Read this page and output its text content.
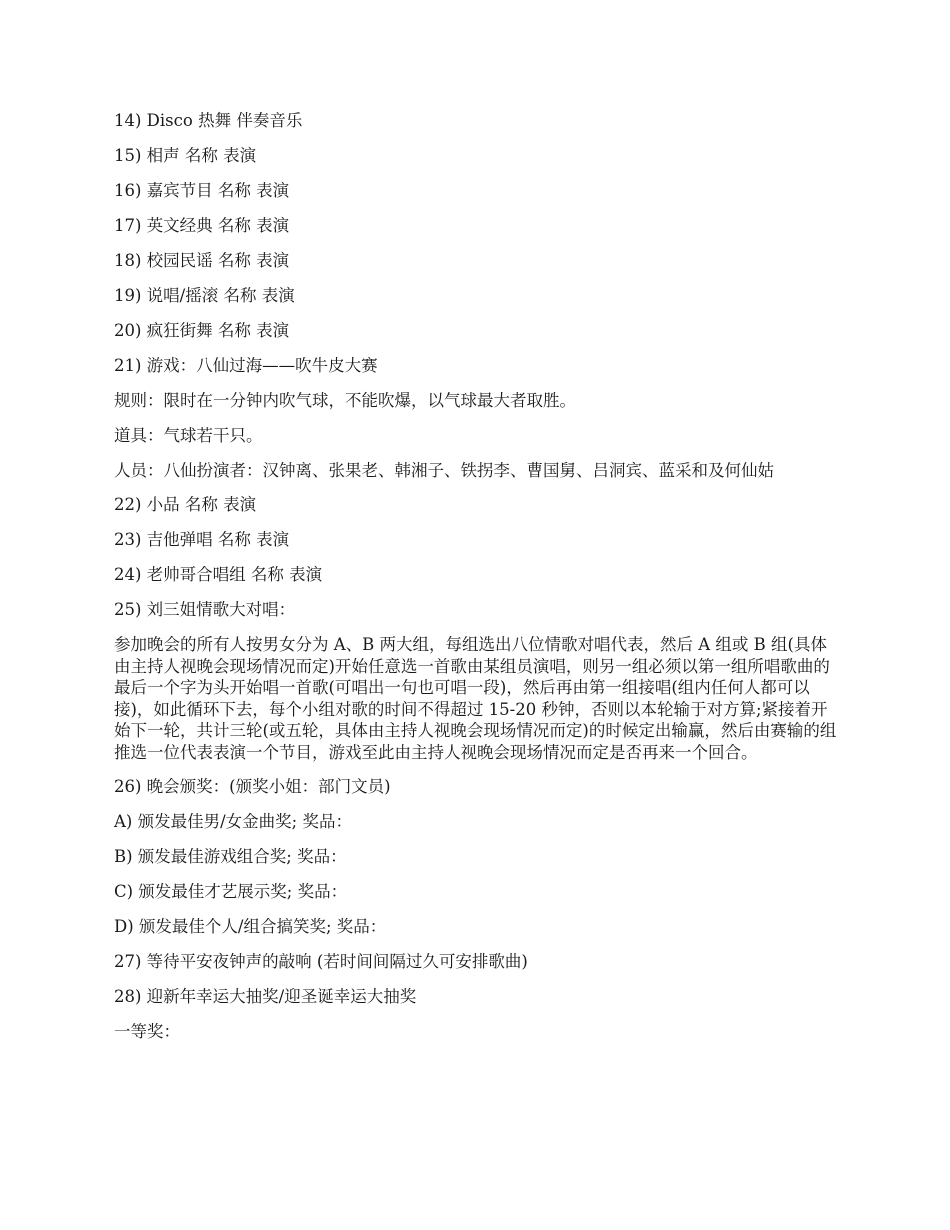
14) Disco 热舞 伴奏音乐

15) 相声 名称 表演

16) 嘉宾节目 名称 表演

17) 英文经典 名称 表演

18) 校园民谣 名称 表演

19) 说唱/摇滚 名称 表演

20) 疯狂街舞 名称 表演

21) 游戏：八仙过海——吹牛皮大赛

规则：限时在一分钟内吹气球，不能吹爆，以气球最大者取胜。

道具：气球若干只。

人员：八仙扮演者：汉钟离、张果老、韩湘子、铁拐李、曹国舅、吕洞宾、蓝采和及何仙姑

22) 小品 名称 表演

23) 吉他弹唱 名称 表演

24) 老帅哥合唱组 名称 表演

25) 刘三姐情歌大对唱：

参加晚会的所有人按男女分为 A、B 两大组，每组选出八位情歌对唱代表，然后 A 组或 B 组(具体由主持人视晚会现场情况而定)开始任意选一首歌由某组员演唱，则另一组必须以第一组所唱歌曲的最后一个字为头开始唱一首歌(可唱出一句也可唱一段)，然后再由第一组接唱(组内任何人都可以接)，如此循环下去，每个小组对歌的时间不得超过 15-20 秒钟，否则以本轮输于对方算;紧接着开始下一轮，共计三轮(或五轮，具体由主持人视晚会现场情况而定)的时候定出输赢，然后由赛输的组推选一位代表表演一个节目，游戏至此由主持人视晚会现场情况而定是否再来一个回合。

26) 晚会颁奖：(颁奖小姐：部门文员)

A) 颁发最佳男/女金曲奖; 奖品：

B) 颁发最佳游戏组合奖; 奖品：

C) 颁发最佳才艺展示奖; 奖品：

D) 颁发最佳个人/组合搞笑奖; 奖品：

27) 等待平安夜钟声的敲响 (若时间间隔过久可安排歌曲)

28) 迎新年幸运大抽奖/迎圣诞幸运大抽奖

一等奖：
